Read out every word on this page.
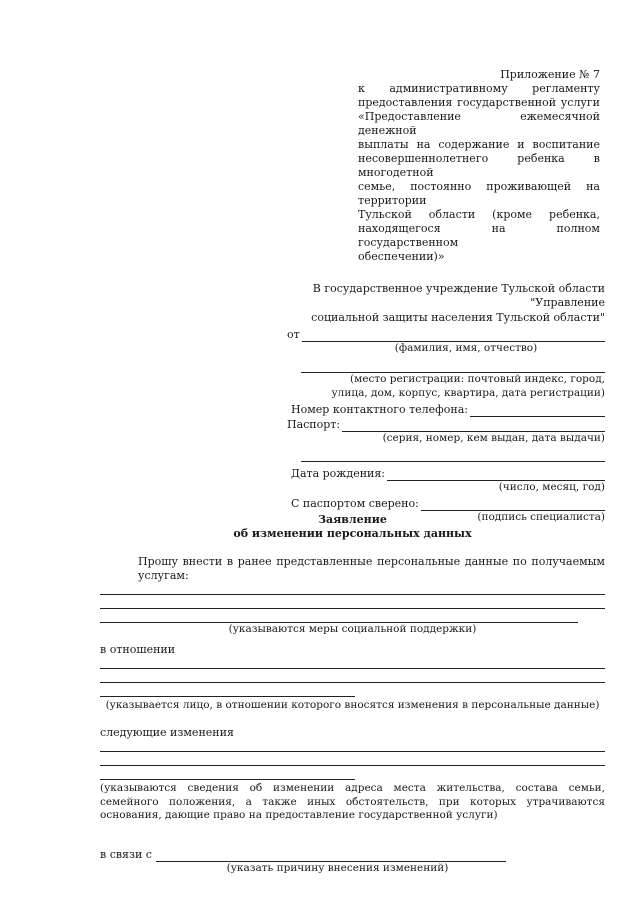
Приложение № 7
к административному регламенту
предоставления государственной услуги
«Предоставление ежемесячной денежной
выплаты на содержание и воспитание
несовершеннолетнего ребенка в многодетной
семье, постоянно проживающей на территории
Тульской области (кроме ребенка,
находящегося на полном государственном
обеспечении)»
В государственное учреждение Тульской области "Управление
социальной защиты населения Тульской области"
от
(фамилия, имя, отчество)
(место регистрации: почтовый индекс, город,
улица, дом, корпус, квартира, дата регистрации)
Номер контактного телефона:
Паспорт:
(серия, номер, кем выдан, дата выдачи)
Дата рождения:
(число, месяц, год)
С паспортом сверено:
(подпись специалиста)
Заявление
об изменении персональных данных
Прошу внести в ранее представленные персональные данные по получаемым услугам:
(указываются меры социальной поддержки)
в отношении
(указывается лицо, в отношении которого вносятся изменения в персональные данные)
следующие изменения
(указываются сведения об изменении адреса места жительства, состава семьи, семейного положения, а также иных обстоятельств, при которых утрачиваются основания, дающие право на предоставление государственной услуги)
в связи с
(указать причину внесения изменений)
